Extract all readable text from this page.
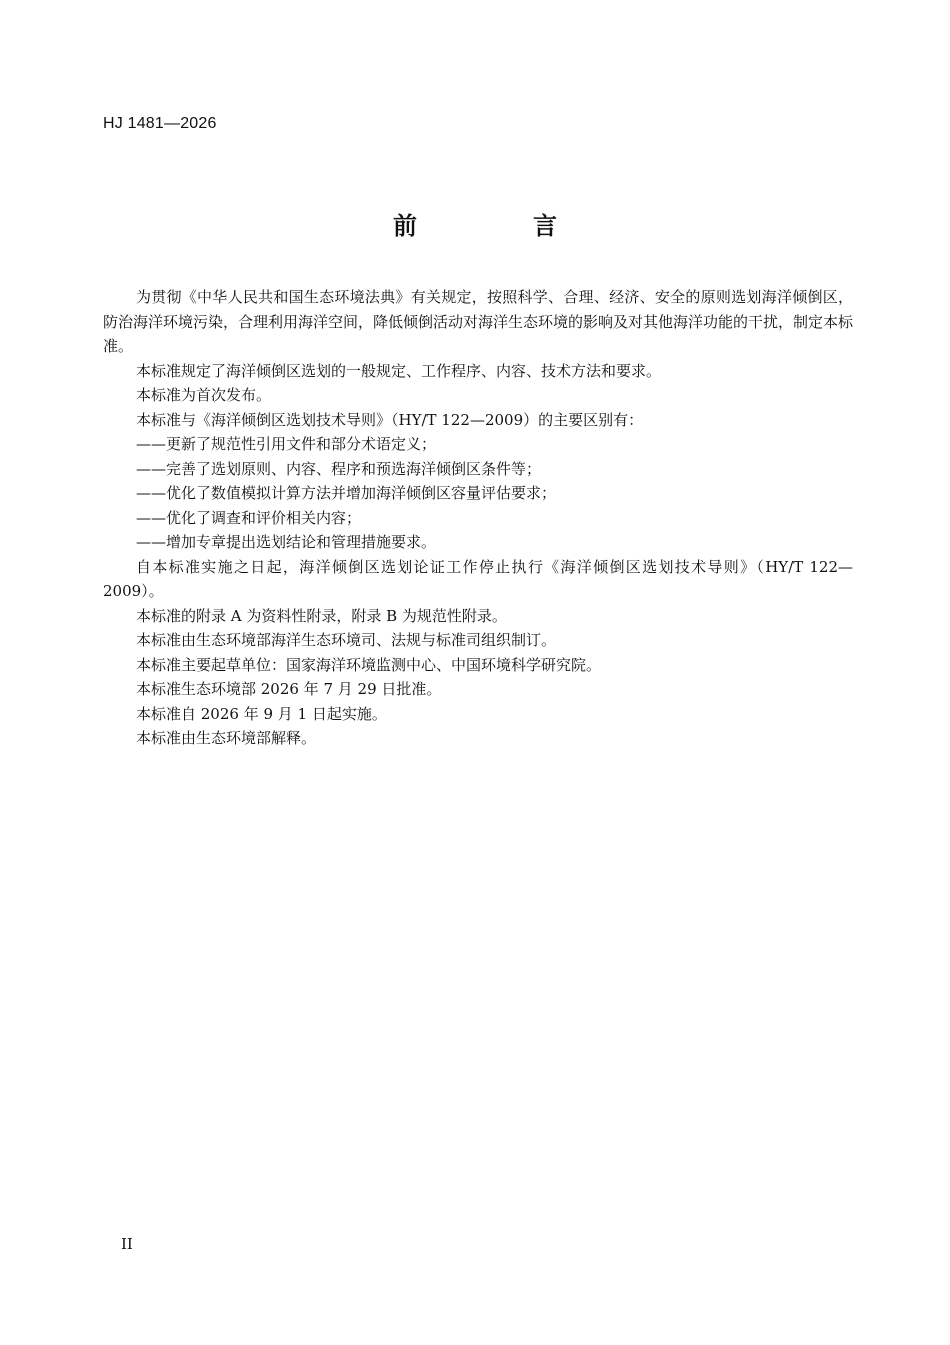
HJ 1481—2026
前　言

为贯彻《中华人民共和国生态环境法典》有关规定，按照科学、合理、经济、安全的原则选划海洋倾倒区，防治海洋环境污染，合理利用海洋空间，降低倾倒活动对海洋生态环境的影响及对其他海洋功能的干扰，制定本标准。

本标准规定了海洋倾倒区选划的一般规定、工作程序、内容、技术方法和要求。

本标准为首次发布。

本标准与《海洋倾倒区选划技术导则》（HY/T 122—2009）的主要区别有：

——更新了规范性引用文件和部分术语定义；

——完善了选划原则、内容、程序和预选海洋倾倒区条件等；

——优化了数值模拟计算方法并增加海洋倾倒区容量评估要求；

——优化了调查和评价相关内容；

——增加专章提出选划结论和管理措施要求。

自本标准实施之日起，海洋倾倒区选划论证工作停止执行《海洋倾倒区选划技术导则》（HY/T 122—2009）。

本标准的附录 A 为资料性附录，附录 B 为规范性附录。

本标准由生态环境部海洋生态环境司、法规与标准司组织制订。

本标准主要起草单位：国家海洋环境监测中心、中国环境科学研究院。

本标准生态环境部 2026 年 7 月 29 日批准。

本标准自 2026 年 9 月 1 日起实施。

本标准由生态环境部解释。

II
